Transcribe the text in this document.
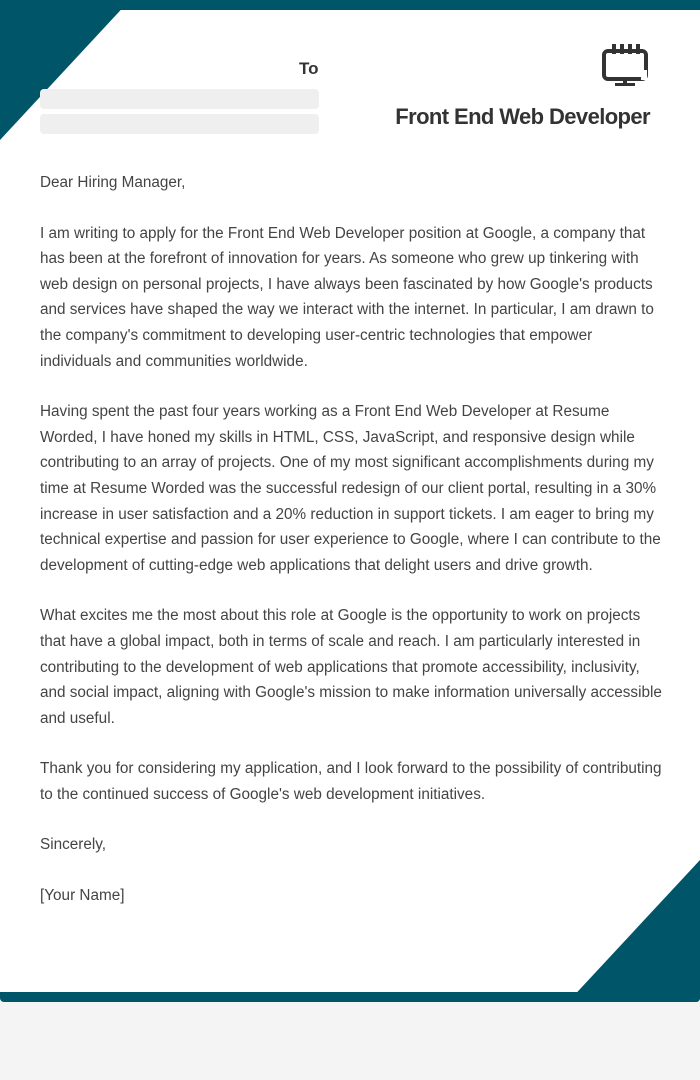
To
Front End Web Developer

Dear Hiring Manager,

I am writing to apply for the Front End Web Developer position at Google, a company that has been at the forefront of innovation for years. As someone who grew up tinkering with web design on personal projects, I have always been fascinated by how Google's products and services have shaped the way we interact with the internet. In particular, I am drawn to the company's commitment to developing user-centric technologies that empower individuals and communities worldwide.

Having spent the past four years working as a Front End Web Developer at Resume Worded, I have honed my skills in HTML, CSS, JavaScript, and responsive design while contributing to an array of projects. One of my most significant accomplishments during my time at Resume Worded was the successful redesign of our client portal, resulting in a 30% increase in user satisfaction and a 20% reduction in support tickets. I am eager to bring my technical expertise and passion for user experience to Google, where I can contribute to the development of cutting-edge web applications that delight users and drive growth.

What excites me the most about this role at Google is the opportunity to work on projects that have a global impact, both in terms of scale and reach. I am particularly interested in contributing to the development of web applications that promote accessibility, inclusivity, and social impact, aligning with Google's mission to make information universally accessible and useful.

Thank you for considering my application, and I look forward to the possibility of contributing to the continued success of Google's web development initiatives.

Sincerely,

[Your Name]
